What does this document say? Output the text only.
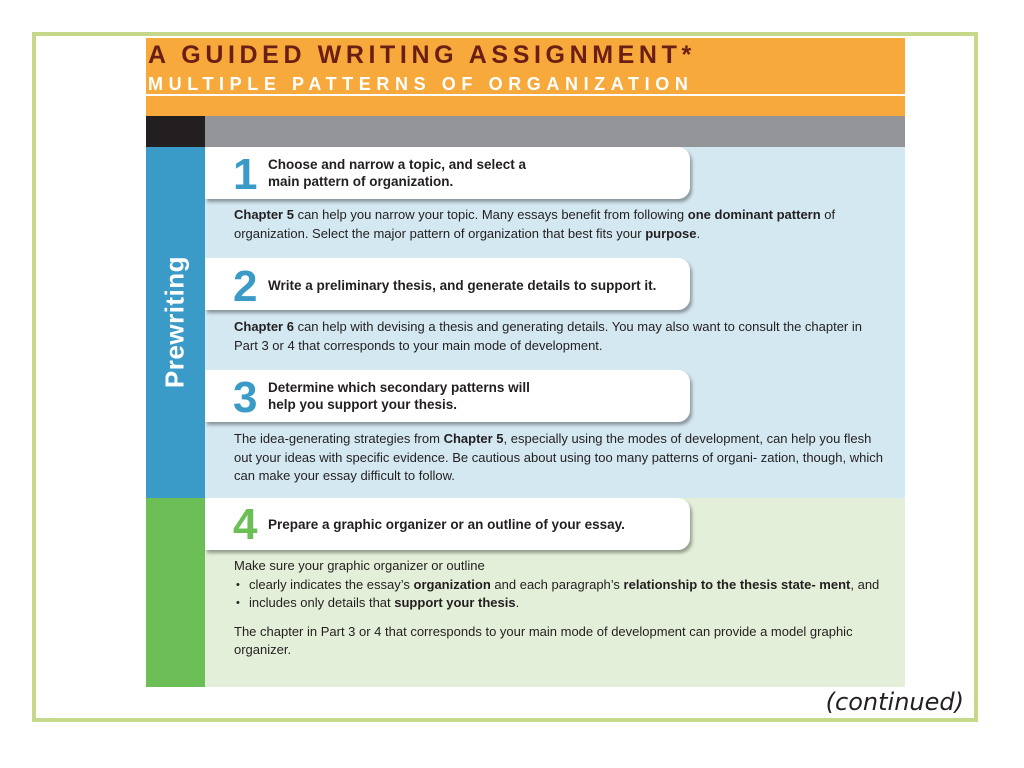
A GUIDED WRITING ASSIGNMENT*
MULTIPLE PATTERNS OF ORGANIZATION
Prewriting
1 Choose and narrow a topic, and select a
main pattern of organization.
Chapter 5 can help you narrow your topic. Many essays benefit from following one dominant pattern of organization. Select the major pattern of organization that best fits your purpose.
2 Write a preliminary thesis, and generate details to support it.
Chapter 6 can help with devising a thesis and generating details. You may also want to consult the chapter in Part 3 or 4 that corresponds to your main mode of development.
3 Determine which secondary patterns will
help you support your thesis.
The idea-generating strategies from Chapter 5, especially using the modes of development, can help you flesh out your ideas with specific evidence. Be cautious about using too many patterns of organi- zation, though, which can make your essay difficult to follow.
4 Prepare a graphic organizer or an outline of your essay.
Make sure your graphic organizer or outline
• clearly indicates the essay’s organization and each paragraph’s relationship to the thesis state- ment, and
• includes only details that support your thesis.
The chapter in Part 3 or 4 that corresponds to your main mode of development can provide a model graphic organizer.
(continued)
